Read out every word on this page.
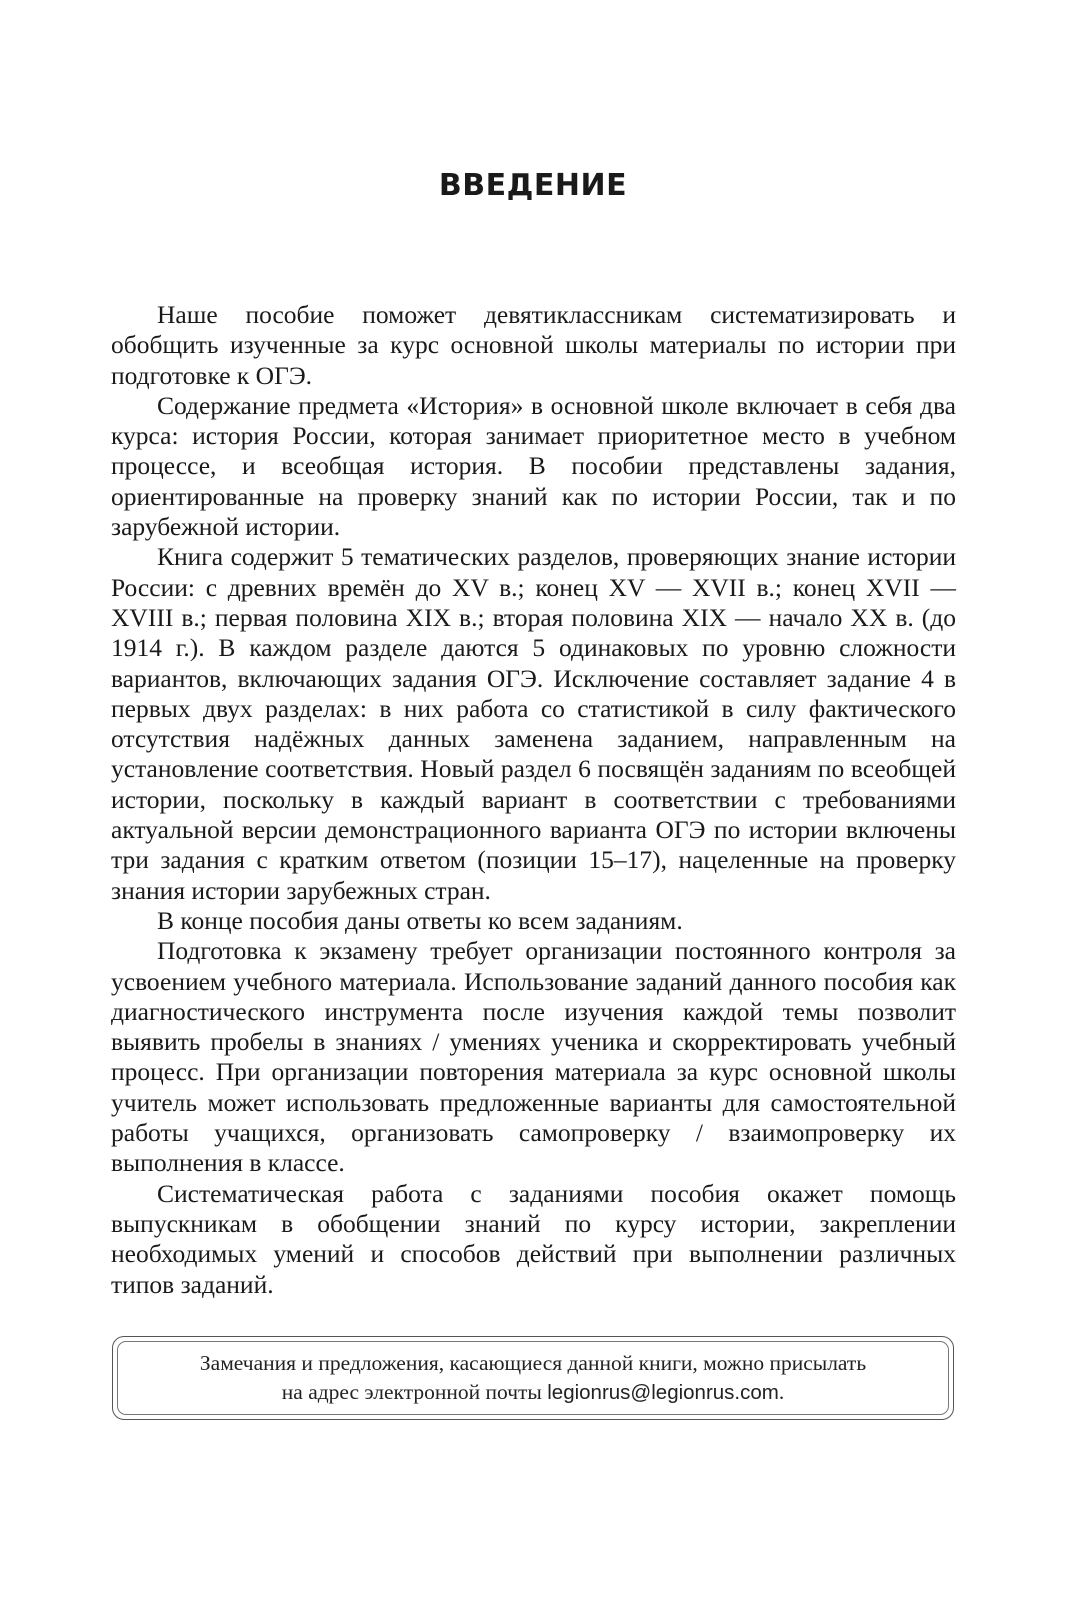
ВВЕДЕНИЕ

Наше пособие поможет девятиклассникам систематизировать и обобщить изученные за курс основной школы материалы по истории при подготовке к ОГЭ.

Содержание предмета «История» в основной школе включает в себя два курса: история России, которая занимает приоритетное место в учебном процессе, и всеобщая история. В пособии представлены задания, ориентированные на проверку знаний как по истории России, так и по зарубежной истории.

Книга содержит 5 тематических разделов, проверяющих знание истории России: с древних времён до XV в.; конец XV — XVII в.; конец XVII — XVIII в.; первая половина XIX в.; вторая половина XIX — начало XX в. (до 1914 г.). В каждом разделе даются 5 одинаковых по уровню сложности вариантов, включающих задания ОГЭ. Исключение составляет задание 4 в первых двух разделах: в них работа со статистикой в силу фактического отсутствия надёжных данных заменена заданием, направленным на установление соответствия. Новый раздел 6 посвящён заданиям по всеобщей истории, поскольку в каждый вариант в соответствии с требованиями актуальной версии демонстрационного варианта ОГЭ по истории включены три задания с кратким ответом (позиции 15–17), нацеленные на проверку знания истории зарубежных стран.

В конце пособия даны ответы ко всем заданиям.

Подготовка к экзамену требует организации постоянного контроля за усвоением учебного материала. Использование заданий данного пособия как диагностического инструмента после изучения каждой темы позволит выявить пробелы в знаниях / умениях ученика и скорректировать учебный процесс. При организации повторения материала за курс основной школы учитель может использовать предложенные варианты для самостоятельной работы учащихся, организовать самопроверку / взаимопроверку их выполнения в классе.

Систематическая работа с заданиями пособия окажет помощь выпускникам в обобщении знаний по курсу истории, закреплении необходимых умений и способов действий при выполнении различных типов заданий.

Замечания и предложения, касающиеся данной книги, можно присылать
на адрес электронной почты legionrus@legionrus.com.
